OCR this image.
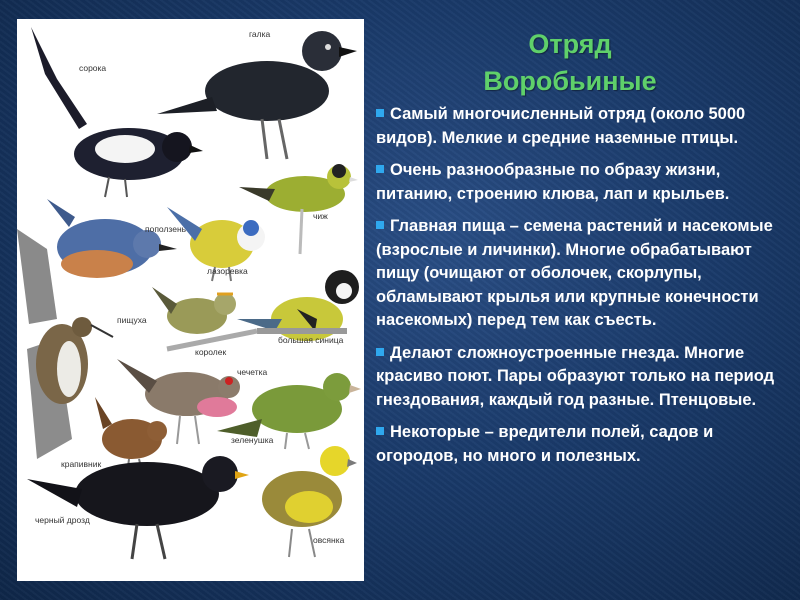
сорока
галка
чиж
поползень
лазоревка
пищуха
королек
большая синица
чечетка
зеленушка
крапивник
черный дрозд
овсянка
Отряд
Воробьиные
Самый многочисленный отряд (около 5000 видов). Мелкие и средние наземные птицы.
Очень разнообразные по образу жизни, питанию, строению клюва, лап и крыльев.
Главная пища – семена растений и насекомые (взрослые и личинки). Многие обрабатывают пищу (очищают от оболочек, скорлупы, обламывают крылья или крупные конечности насекомых) перед тем как съесть.
Делают сложноустроенные гнезда. Многие красиво поют. Пары образуют только на период гнездования, каждый год разные. Птенцовые.
Некоторые – вредители полей, садов и огородов, но много и полезных.
